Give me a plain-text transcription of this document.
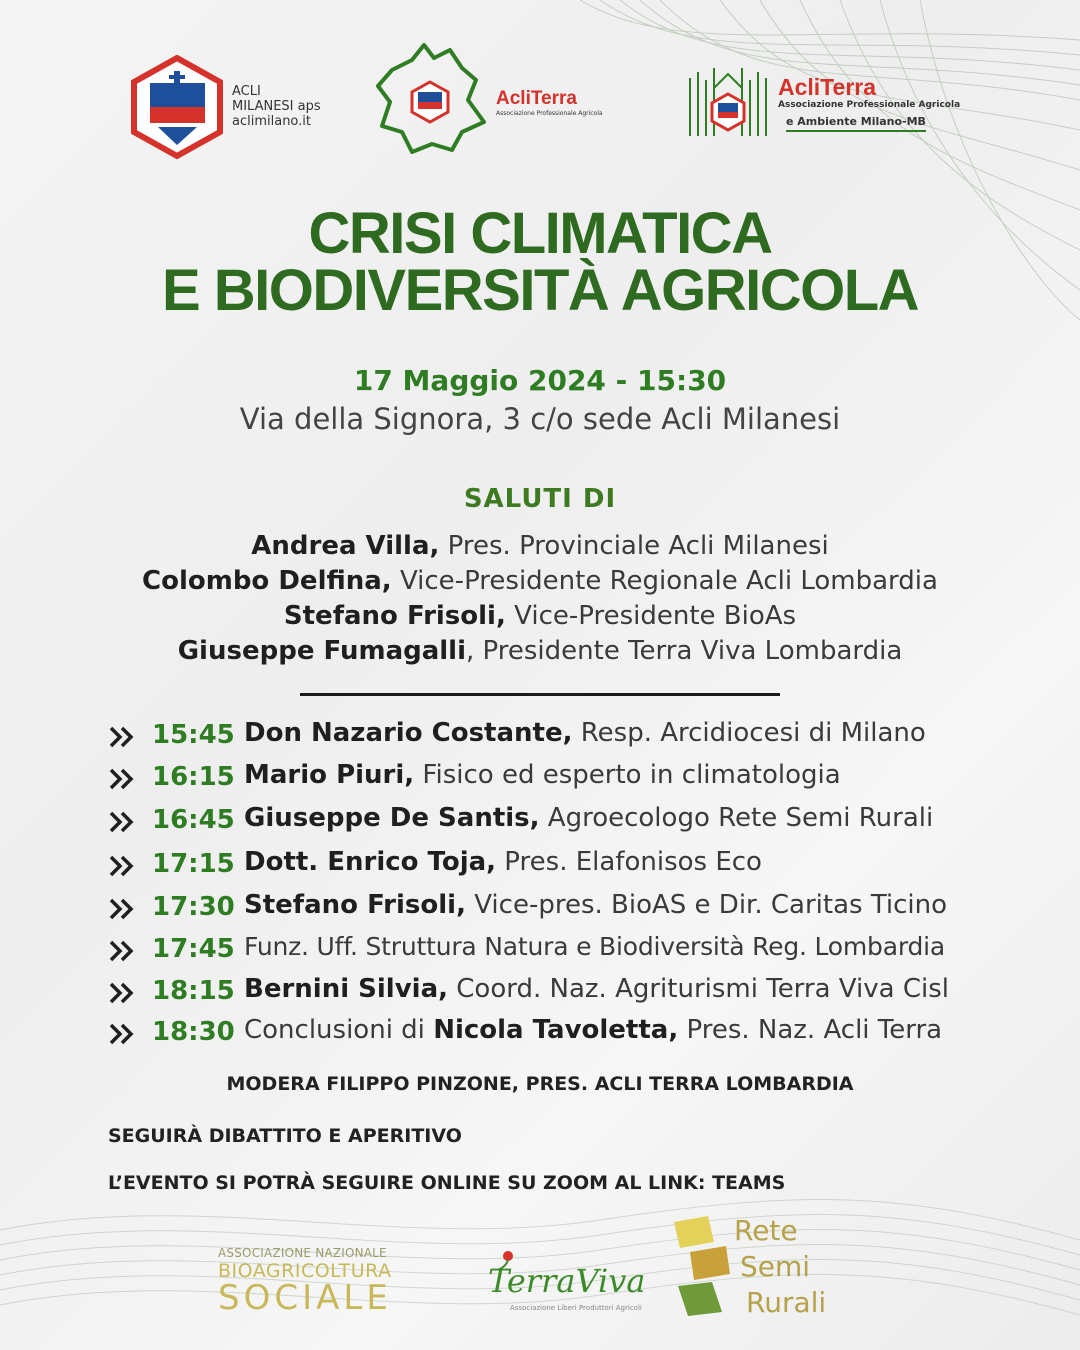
ACLI
MILANESI aps
aclimilano.it
AcliTerra
Associazione Professionale Agricola
AcliTerra
Associazione Professionale Agricola
e Ambiente Milano-MB
CRISI CLIMATICA
E BIODIVERSITÀ AGRICOLA
17 Maggio 2024 - 15:30
Via della Signora, 3 c/o sede Acli Milanesi
SALUTI DI
Andrea Villa, Pres. Provinciale Acli Milanesi
Colombo Delfina, Vice-Presidente Regionale Acli Lombardia
Stefano Frisoli, Vice-Presidente BioAs
Giuseppe Fumagalli, Presidente Terra Viva Lombardia
15:45 Don Nazario Costante, Resp. Arcidiocesi di Milano
16:15 Mario Piuri, Fisico ed esperto in climatologia
16:45 Giuseppe De Santis, Agroecologo Rete Semi Rurali
17:15 Dott. Enrico Toja, Pres. Elafonisos Eco
17:30 Stefano Frisoli, Vice-pres. BioAS e Dir. Caritas Ticino
17:45 Funz. Uff. Struttura Natura e Biodiversità Reg. Lombardia
18:15 Bernini Silvia, Coord. Naz. Agriturismi Terra Viva Cisl
18:30 Conclusioni di Nicola Tavoletta, Pres. Naz. Acli Terra
MODERA FILIPPO PINZONE, PRES. ACLI TERRA LOMBARDIA
SEGUIRÀ DIBATTITO E APERITIVO
L’EVENTO SI POTRÀ SEGUIRE ONLINE SU ZOOM AL LINK: TEAMS
ASSOCIAZIONE NAZIONALE
BIOAGRICOLTURA
SOCIALE	TerraViva
Associazione Liberi Produttori Agricoli
Rete
Semi
Rurali
